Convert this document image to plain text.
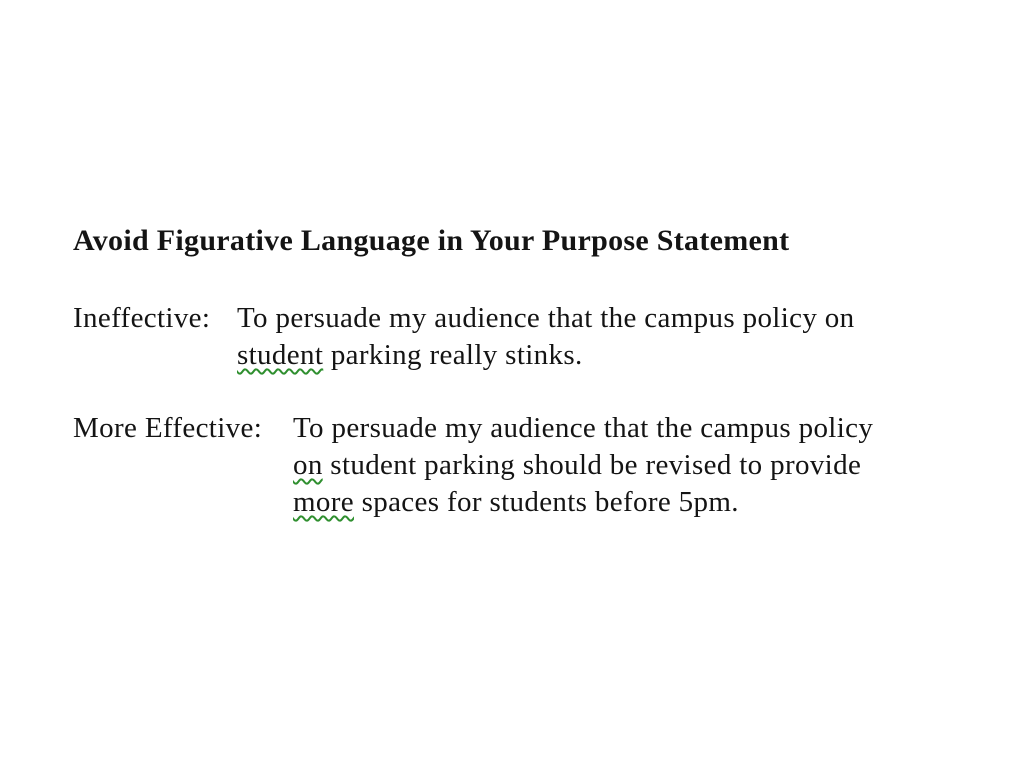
Avoid Figurative Language in Your Purpose Statement
Ineffective: To persuade my audience that the campus policy on
student parking really stinks.
More Effective:	To persuade my audience that the campus policy
on student parking should be revised to provide
more spaces for students before 5pm.
